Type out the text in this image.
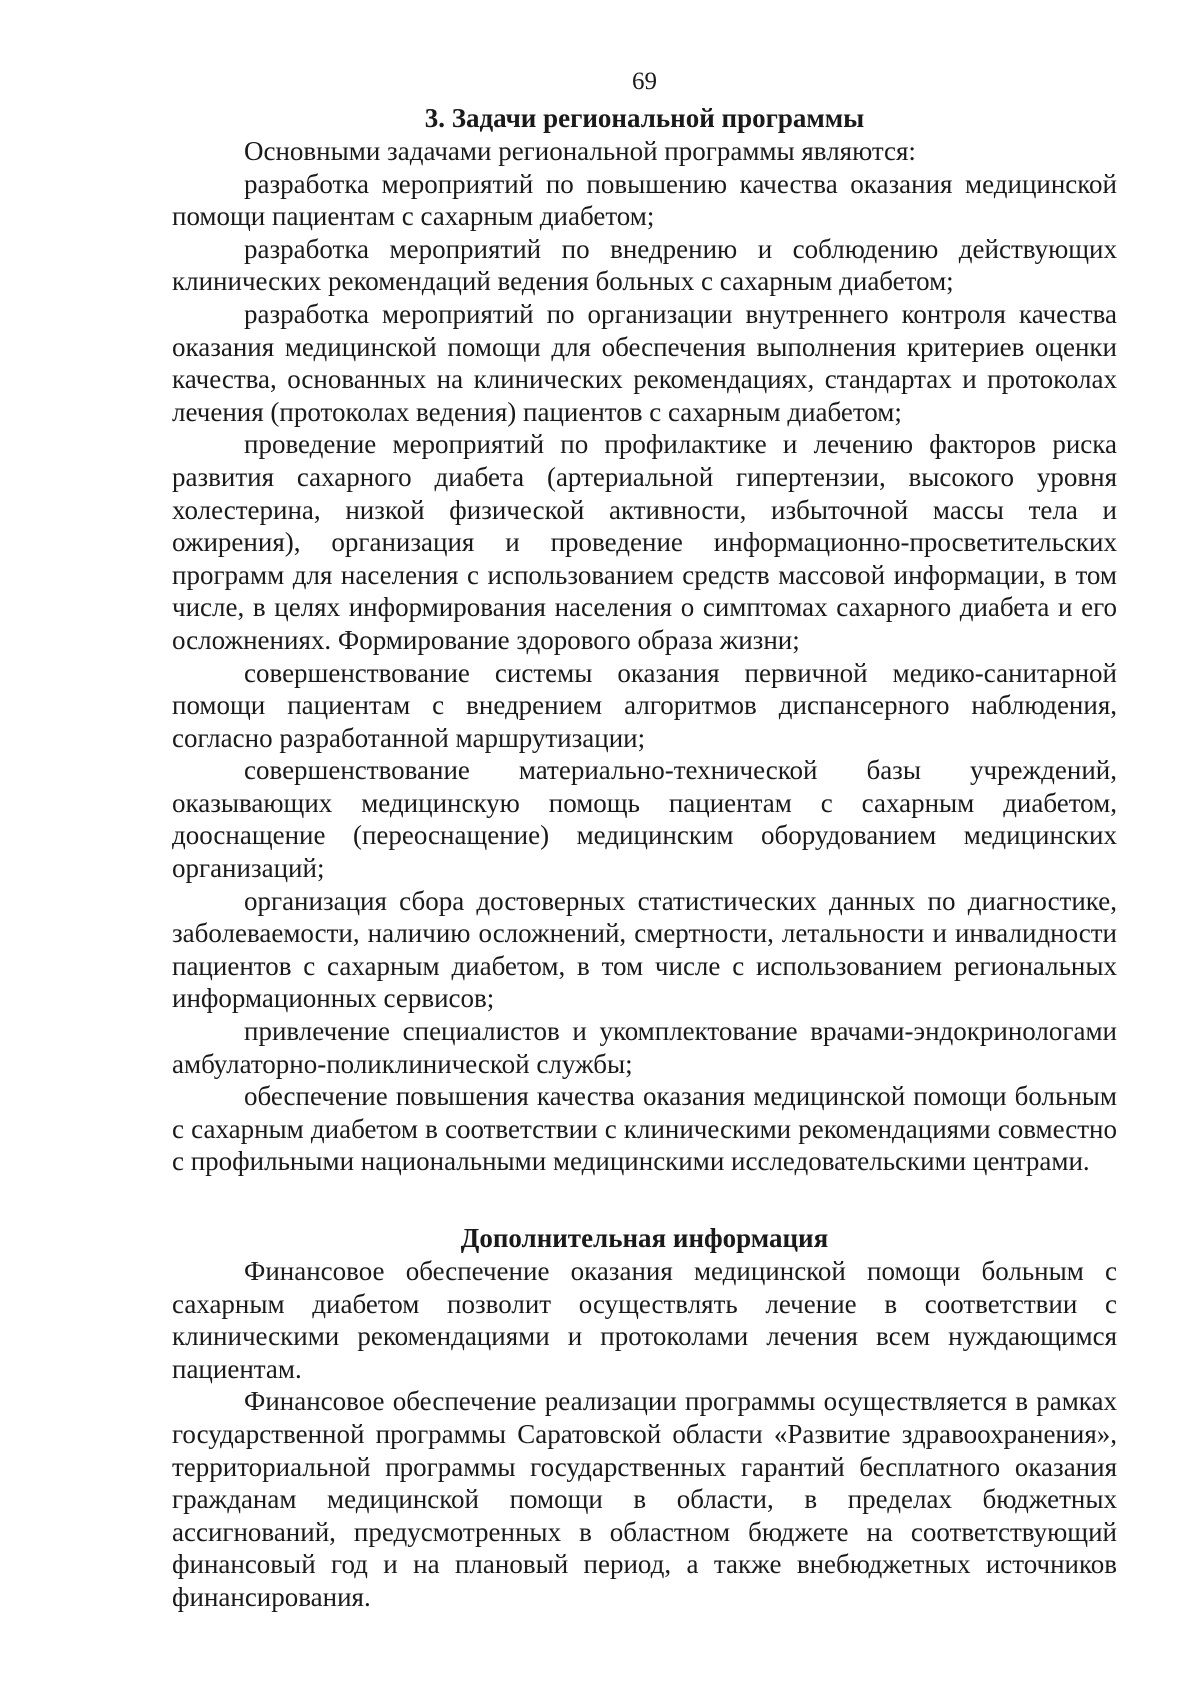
69
3. Задачи региональной программы

Основными задачами региональной программы являются:

разработка мероприятий по повышению качества оказания медицинской помощи пациентам с сахарным диабетом;

разработка мероприятий по внедрению и соблюдению действующих клинических рекомендаций ведения больных с сахарным диабетом;

разработка мероприятий по организации внутреннего контроля качества оказания медицинской помощи для обеспечения выполнения критериев оценки качества, основанных на клинических рекомендациях, стандартах и протоколах лечения (протоколах ведения) пациентов с сахарным диабетом;

проведение мероприятий по профилактике и лечению факторов риска развития сахарного диабета (артериальной гипертензии, высокого уровня холестерина, низкой физической активности, избыточной массы тела и ожирения), организация и проведение информационно-просветительских программ для населения с использованием средств массовой информации, в том числе, в целях информирования населения о симптомах сахарного диабета и его осложнениях. Формирование здорового образа жизни;

совершенствование системы оказания первичной медико-санитарной помощи пациентам с внедрением алгоритмов диспансерного наблюдения, согласно разработанной маршрутизации;

совершенствование материально-технической базы учреждений, оказывающих медицинскую помощь пациентам с сахарным диабетом, дооснащение (переоснащение) медицинским оборудованием медицинских организаций;

организация сбора достоверных статистических данных по диагностике, заболеваемости, наличию осложнений, смертности, летальности и инвалидности пациентов с сахарным диабетом, в том числе с использованием региональных информационных сервисов;

привлечение специалистов и укомплектование врачами-эндокринологами амбулаторно-поликлинической службы;

обеспечение повышения качества оказания медицинской помощи больным с сахарным диабетом в соответствии с клиническими рекомендациями совместно с профильными национальными медицинскими исследовательскими центрами.

Дополнительная информация

Финансовое обеспечение оказания медицинской помощи больным с сахарным диабетом позволит осуществлять лечение в соответствии с клиническими рекомендациями и протоколами лечения всем нуждающимся пациентам.

Финансовое обеспечение реализации программы осуществляется в рамках государственной программы Саратовской области «Развитие здравоохранения», территориальной программы государственных гарантий бесплатного оказания гражданам медицинской помощи в области, в пределах бюджетных ассигнований, предусмотренных в областном бюджете на соответствующий финансовый год и на плановый период, а также внебюджетных источников финансирования.
